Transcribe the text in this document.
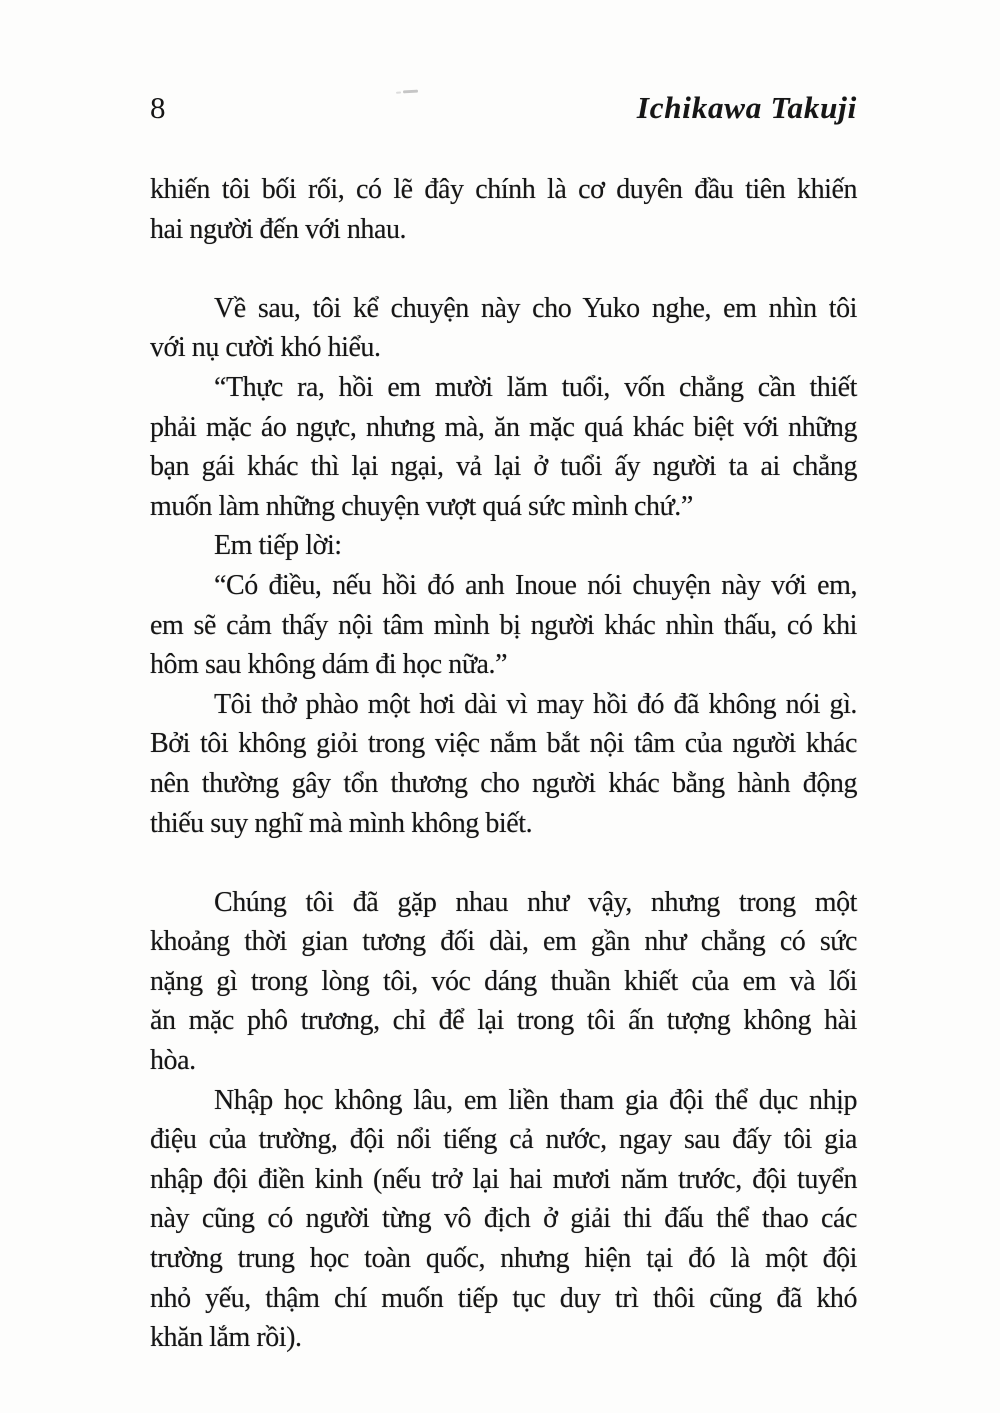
8	Ichikawa Takuji
khiến tôi bối rối, có lẽ đây chính là cơ duyên đầu tiên khiến
hai người đến với nhau.
Về sau, tôi kể chuyện này cho Yuko nghe, em nhìn tôi
với nụ cười khó hiểu.
“Thực ra, hồi em mười lăm tuổi, vốn chẳng cần thiết
phải mặc áo ngực, nhưng mà, ăn mặc quá khác biệt với những
bạn gái khác thì lại ngại, vả lại ở tuổi ấy người ta ai chẳng
muốn làm những chuyện vượt quá sức mình chứ.”
Em tiếp lời:
“Có điều, nếu hồi đó anh Inoue nói chuyện này với em,
em sẽ cảm thấy nội tâm mình bị người khác nhìn thấu, có khi
hôm sau không dám đi học nữa.”
Tôi thở phào một hơi dài vì may hồi đó đã không nói gì.
Bởi tôi không giỏi trong việc nắm bắt nội tâm của người khác
nên thường gây tổn thương cho người khác bằng hành động
thiếu suy nghĩ mà mình không biết.
Chúng tôi đã gặp nhau như vậy, nhưng trong một
khoảng thời gian tương đối dài, em gần như chẳng có sức
nặng gì trong lòng tôi, vóc dáng thuần khiết của em và lối
ăn mặc phô trương, chỉ để lại trong tôi ấn tượng không hài
hòa.
Nhập học không lâu, em liền tham gia đội thể dục nhịp
điệu của trường, đội nổi tiếng cả nước, ngay sau đấy tôi gia
nhập đội điền kinh (nếu trở lại hai mươi năm trước, đội tuyển
này cũng có người từng vô địch ở giải thi đấu thể thao các
trường trung học toàn quốc, nhưng hiện tại đó là một đội
nhỏ yếu, thậm chí muốn tiếp tục duy trì thôi cũng đã khó
khăn lắm rồi).
